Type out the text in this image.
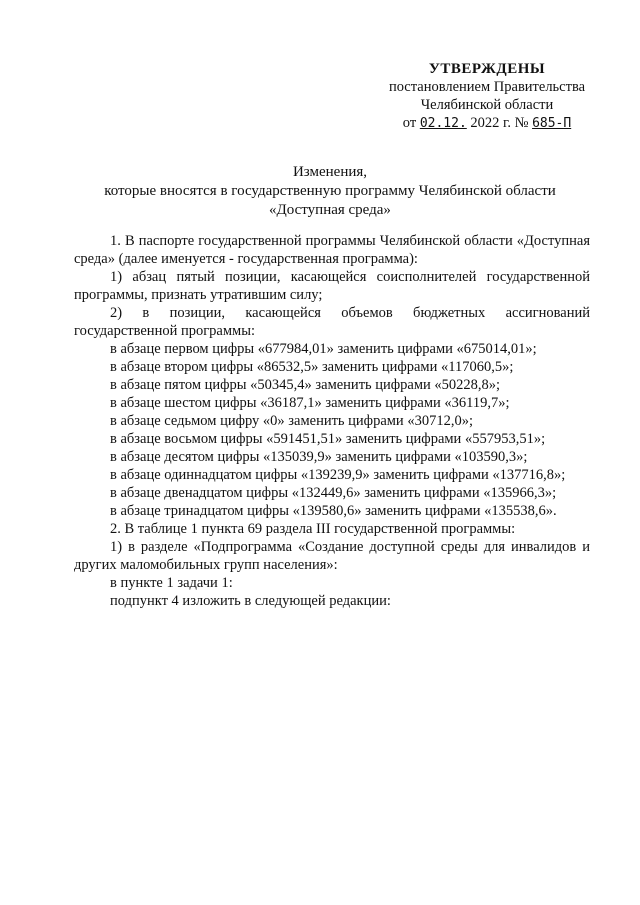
УТВЕРЖДЕНЫ
постановлением Правительства
Челябинской области
от 02.12. 2022 г. № 685-П
Изменения,
которые вносятся в государственную программу Челябинской области
«Доступная среда»

1. В паспорте государственной программы Челябинской области «Доступная среда» (далее именуется - государственная программа):

1) абзац пятый позиции, касающейся соисполнителей государственной программы, признать утратившим силу;

2) в позиции, касающейся объемов бюджетных ассигнований государственной программы:

в абзаце первом цифры «677984,01» заменить цифрами «675014,01»;

в абзаце втором цифры «86532,5» заменить цифрами «117060,5»;

в абзаце пятом цифры «50345,4» заменить цифрами «50228,8»;

в абзаце шестом цифры «36187,1» заменить цифрами «36119,7»;

в абзаце седьмом цифру «0» заменить цифрами «30712,0»;

в абзаце восьмом цифры «591451,51» заменить цифрами «557953,51»;

в абзаце десятом цифры «135039,9» заменить цифрами «103590,3»;

в абзаце одиннадцатом цифры «139239,9» заменить цифрами «137716,8»;

в абзаце двенадцатом цифры «132449,6» заменить цифрами «135966,3»;

в абзаце тринадцатом цифры «139580,6» заменить цифрами «135538,6».

2. В таблице 1 пункта 69 раздела III государственной программы:

1) в разделе «Подпрограмма «Создание доступной среды для инвалидов и других маломобильных групп населения»:

в пункте 1 задачи 1:

подпункт 4 изложить в следующей редакции:
